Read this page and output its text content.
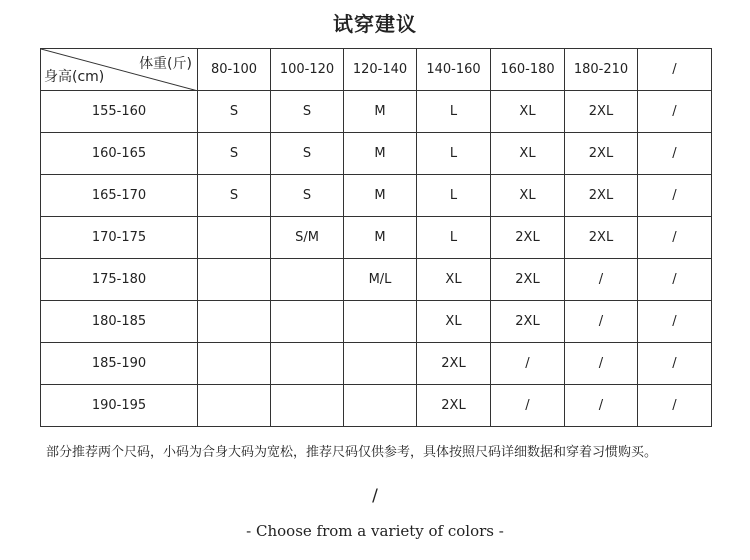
试穿建议
体重(斤)
身高(cm)	80-100	100-120	120-140	140-160	160-180	180-210	/
155-160	S	S	M	L	XL	2XL	/
160-165	S	S	M	L	XL	2XL	/
165-170	S	S	M	L	XL	2XL	/
170-175		S/M	M	L	2XL	2XL	/
175-180			M/L	XL	2XL	/	/
180-185				XL	2XL	/	/
185-190				2XL	/	/	/
190-195				2XL	/	/	/
部分推荐两个尺码，小码为合身大码为宽松，推荐尺码仅供参考，具体按照尺码详细数据和穿着习惯购买。
/
- Choose from a variety of colors -
